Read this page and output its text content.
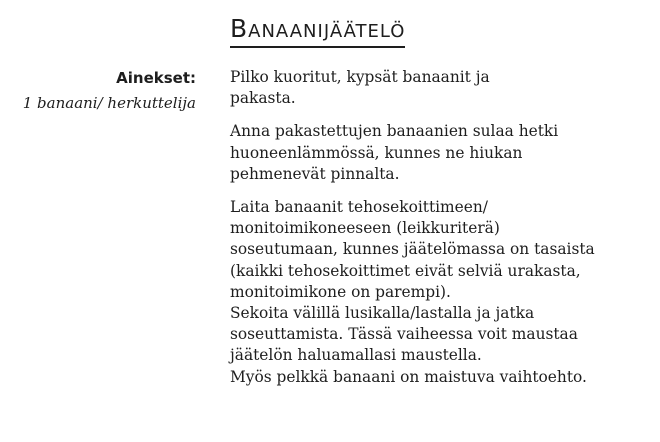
Banaanijäätelö

Ainekset:

1 banaani/ herkuttelija

Pilko kuoritut, kypsät banaanit ja
pakasta.

Anna pakastettujen banaanien sulaa hetki
huoneenlämmössä, kunnes ne hiukan
pehmenevät pinnalta.

Laita banaanit tehosekoittimeen/
monitoimikoneeseen (leikkuriterä)
soseutumaan, kunnes jäätelömassa on tasaista
(kaikki tehosekoittimet eivät selviä urakasta,
monitoimikone on parempi).
Sekoita välillä lusikalla/lastalla ja jatka
soseuttamista. Tässä vaiheessa voit maustaa
jäätelön haluamallasi maustella.
Myös pelkkä banaani on maistuva vaihtoehto.
